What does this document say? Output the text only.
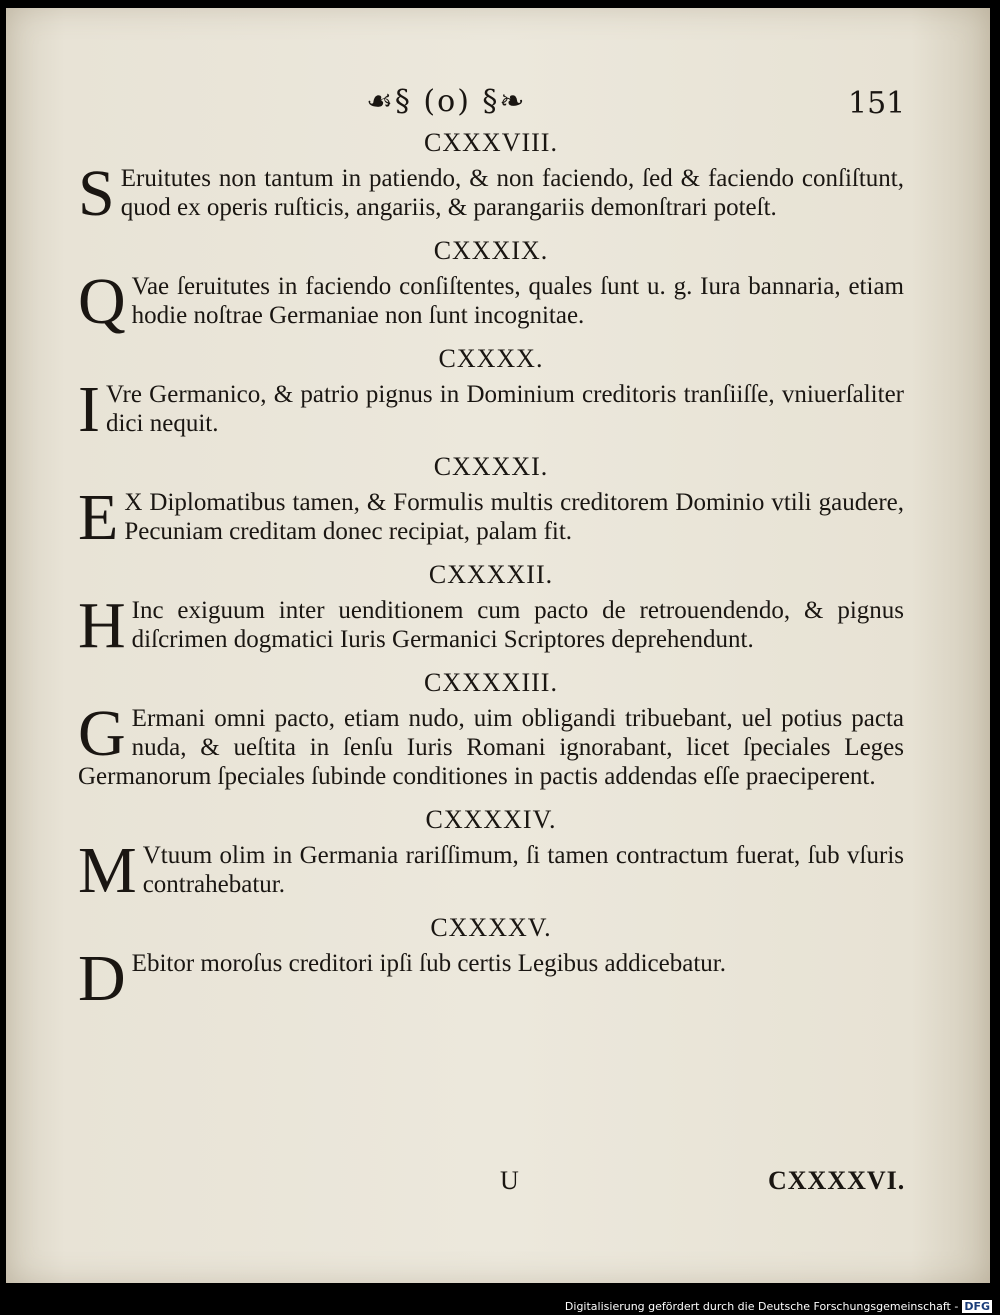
☙§ (o) §❧	151
CXXXVIII.
S Eruitutes non tantum in patiendo, & non faciendo, ſed & faciendo conſiſtunt, quod ex operis ruſticis, angariis, & parangariis demonſtrari poteſt.
CXXXIX.
Q Vae ſeruitutes in faciendo conſiſtentes, quales ſunt u. g. Iura bannaria, etiam hodie noſtrae Germaniae non ſunt incognitae.
CXXXX.
I Vre Germanico, & patrio pignus in Dominium creditoris tranſiiſſe, vniuerſaliter dici nequit.
CXXXXI.
E X Diplomatibus tamen, & Formulis multis creditorem Dominio vtili gaudere, Pecuniam creditam donec recipiat, palam fit.
CXXXXII.
H Inc exiguum inter uenditionem cum pacto de retrouendendo, & pignus diſcrimen dogmatici Iuris Germanici Scriptores deprehendunt.
CXXXXIII.
G Ermani omni pacto, etiam nudo, uim obligandi tribuebant, uel potius pacta nuda, & ueſtita in ſenſu Iuris Romani ignorabant, licet ſpeciales Leges Germanorum ſpeciales ſubinde conditiones in pactis addendas eſſe praeciperent.
CXXXXIV.
M Vtuum olim in Germania rariſſimum, ſi tamen contractum fuerat, ſub vſuris contrahebatur.
CXXXXV.
D Ebitor moroſus creditori ipſi ſub certis Legibus addicebatur.
U	CXXXXVI.
Digitalisierung gefördert durch die Deutsche Forschungsgemeinschaft - DFG
